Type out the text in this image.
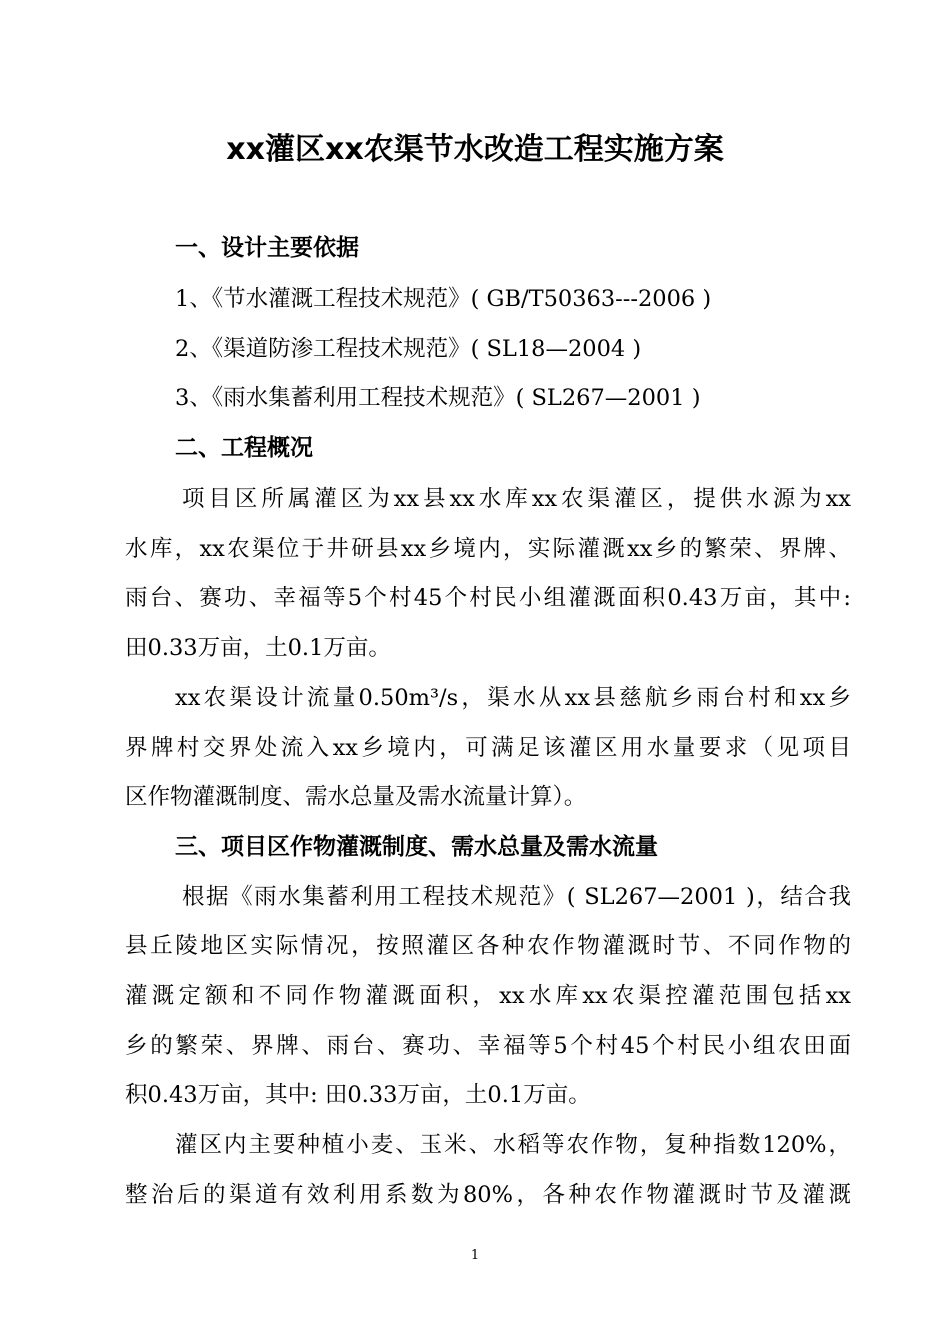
xx灌区xx农渠节水改造工程实施方案

一、设计主要依据

1、《节水灌溉工程技术规范》( GB/T50363---2006 )

2、《渠道防渗工程技术规范》( SL18—2004 )

3、《雨水集蓄利用工程技术规范》( SL267—2001 )

二、工程概况

项目区所属灌区为xx县xx水库xx农渠灌区，提供水源为xx

水库，xx农渠位于井研县xx乡境内，实际灌溉xx乡的繁荣、界牌、

雨台、赛功、幸福等5个村45个村民小组灌溉面积0.43万亩，其中:

田0.33万亩，土0.1万亩。

xx农渠设计流量0.50m³/s，渠水从xx县慈航乡雨台村和xx乡

界牌村交界处流入xx乡境内，可满足该灌区用水量要求（见项目

区作物灌溉制度、需水总量及需水流量计算）。

三、项目区作物灌溉制度、需水总量及需水流量

根据《雨水集蓄利用工程技术规范》( SL267—2001 )，结合我

县丘陵地区实际情况，按照灌区各种农作物灌溉时节、不同作物的

灌溉定额和不同作物灌溉面积，xx水库xx农渠控灌范围包括xx

乡的繁荣、界牌、雨台、赛功、幸福等5个村45个村民小组农田面

积0.43万亩，其中: 田0.33万亩，土0.1万亩。

灌区内主要种植小麦、玉米、水稻等农作物，复种指数120%，

整治后的渠道有效利用系数为80%，各种农作物灌溉时节及灌溉

1
